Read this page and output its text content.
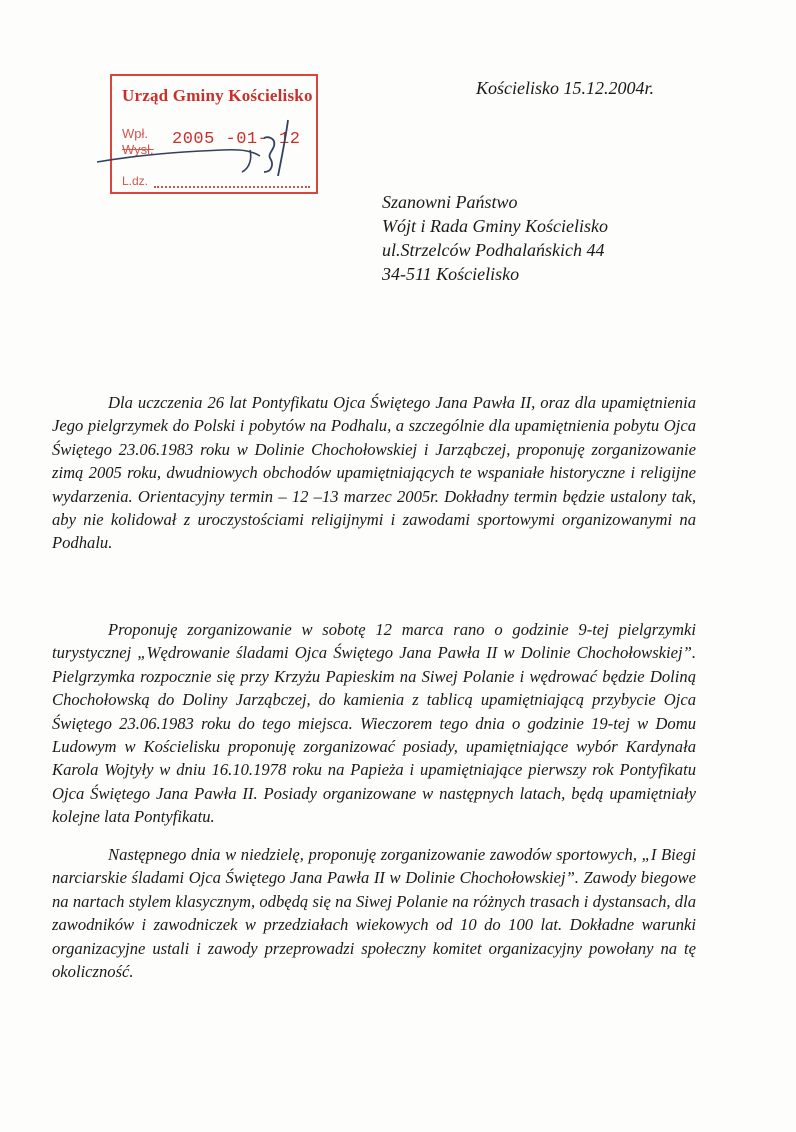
Urząd Gminy Kościelisko
Wpł.
Wysł.
2005 -01- 12
L.dz.
Kościelisko 15.12.2004r.
Szanowni Państwo
Wójt i Rada Gminy Kościelisko
ul.Strzelców Podhalańskich 44
34-511 Kościelisko
Dla uczczenia 26 lat Pontyfikatu Ojca Świętego Jana Pawła II, oraz dla upamiętnienia Jego pielgrzymek do Polski i pobytów na Podhalu, a szczególnie dla upamiętnienia pobytu Ojca Świętego 23.06.1983 roku w Dolinie Chochołowskiej i Jarząbczej, proponuję zorganizowanie zimą 2005 roku, dwudniowych obchodów upamiętniających te wspaniałe historyczne i religijne wydarzenia. Orientacyjny termin – 12 –13 marzec 2005r. Dokładny termin będzie ustalony tak, aby nie kolidował z uroczystościami religijnymi i zawodami sportowymi organizowanymi na Podhalu.
Proponuję zorganizowanie w sobotę 12 marca rano o godzinie 9-tej pielgrzymki turystycznej „Wędrowanie śladami Ojca Świętego Jana Pawła II w Dolinie Chochołowskiej”. Pielgrzymka rozpocznie się przy Krzyżu Papieskim na Siwej Polanie i wędrować będzie Doliną Chochołowską do Doliny Jarząbczej, do kamienia z tablicą upamiętniającą przybycie Ojca Świętego 23.06.1983 roku do tego miejsca. Wieczorem tego dnia o godzinie 19-tej w Domu Ludowym w Kościelisku proponuję zorganizować posiady, upamiętniające wybór Kardynała Karola Wojtyły w dniu 16.10.1978 roku na Papieża i upamiętniające pierwszy rok Pontyfikatu Ojca Świętego Jana Pawła II. Posiady organizowane w następnych latach, będą upamiętniały kolejne lata Pontyfikatu.
Następnego dnia w niedzielę, proponuję zorganizowanie zawodów sportowych, „I Biegi narciarskie śladami Ojca Świętego Jana Pawła II w Dolinie Chochołowskiej”. Zawody biegowe na nartach stylem klasycznym, odbędą się na Siwej Polanie na różnych trasach i dystansach, dla zawodników i zawodniczek w przedziałach wiekowych od 10 do 100 lat. Dokładne warunki organizacyjne ustali i zawody przeprowadzi społeczny komitet organizacyjny powołany na tę okoliczność.
